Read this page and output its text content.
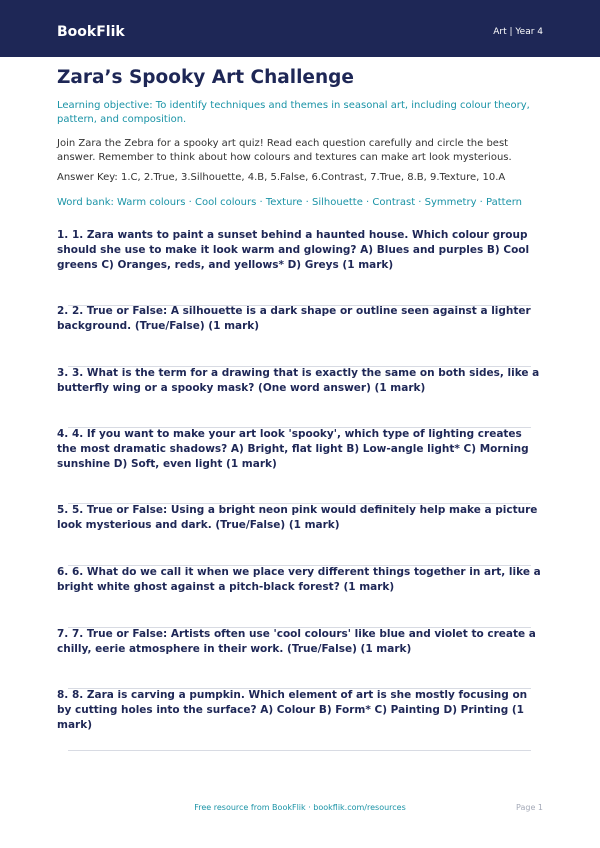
BookFlik	Art | Year 4
Zara’s Spooky Art Challenge
Learning objective: To identify techniques and themes in seasonal art, including colour theory, pattern, and composition.
Join Zara the Zebra for a spooky art quiz! Read each question carefully and circle the best answer. Remember to think about how colours and textures can make art look mysterious.
Answer Key: 1.C, 2.True, 3.Silhouette, 4.B, 5.False, 6.Contrast, 7.True, 8.B, 9.Texture, 10.A
Word bank: Warm colours · Cool colours · Texture · Silhouette · Contrast · Symmetry · Pattern
1. 1. Zara wants to paint a sunset behind a haunted house. Which colour group should she use to make it look warm and glowing? A) Blues and purples B) Cool greens C) Oranges, reds, and yellows* D) Greys (1 mark)
2. 2. True or False: A silhouette is a dark shape or outline seen against a lighter background. (True/False) (1 mark)
3. 3. What is the term for a drawing that is exactly the same on both sides, like a butterfly wing or a spooky mask? (One word answer) (1 mark)
4. 4. If you want to make your art look 'spooky', which type of lighting creates the most dramatic shadows? A) Bright, flat light B) Low-angle light* C) Morning sunshine D) Soft, even light (1 mark)
5. 5. True or False: Using a bright neon pink would definitely help make a picture look mysterious and dark. (True/False) (1 mark)
6. 6. What do we call it when we place very different things together in art, like a bright white ghost against a pitch-black forest? (1 mark)
7. 7. True or False: Artists often use 'cool colours' like blue and violet to create a chilly, eerie atmosphere in their work. (True/False) (1 mark)
8. 8. Zara is carving a pumpkin. Which element of art is she mostly focusing on by cutting holes into the surface? A) Colour B) Form* C) Painting D) Printing (1 mark)
Free resource from BookFlik · bookflik.com/resources	Page 1
